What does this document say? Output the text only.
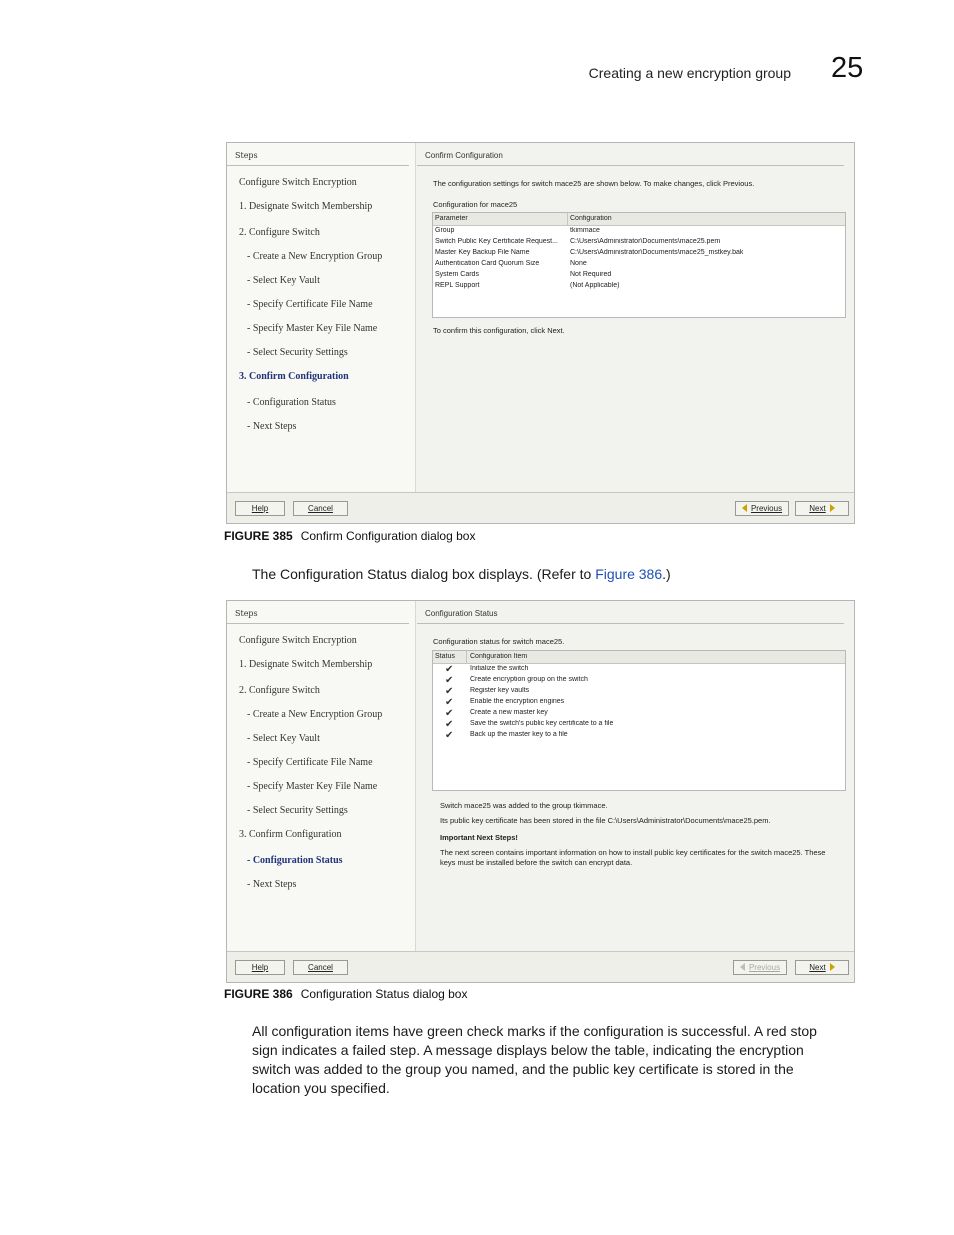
Creating a new encryption group 25
Steps
Configure Switch Encryption
1. Designate Switch Membership
2. Configure Switch
- Create a New Encryption Group
- Select Key Vault
- Specify Certificate File Name
- Specify Master Key File Name
- Select Security Settings
3. Confirm Configuration
- Configuration Status
- Next Steps
Confirm Configuration
The configuration settings for switch mace25 are shown below. To make changes, click Previous.
Configuration for mace25
Parameter	Configuration
Group	tkimmace
Switch Public Key Certificate Request...	C:\Users\Administrator\Documents\mace25.pem
Master Key Backup File Name	C:\Users\Administrator\Documents\mace25_mstkey.bak
Authentication Card Quorum Size	None
System Cards	Not Required
REPL Support	(Not Applicable)
To confirm this configuration, click Next.
Help	Cancel	Previous	Next
FIGURE 385 Confirm Configuration dialog box
The Configuration Status dialog box displays. (Refer to Figure 386.)
Steps
Configure Switch Encryption
1. Designate Switch Membership
2. Configure Switch
- Create a New Encryption Group
- Select Key Vault
- Specify Certificate File Name
- Specify Master Key File Name
- Select Security Settings
3. Confirm Configuration
- Configuration Status
- Next Steps
Configuration Status
Configuration status for switch mace25.
Status Configuration Item
✔ Initialize the switch
✔ Create encryption group on the switch
✔ Register key vaults
✔ Enable the encryption engines
✔ Create a new master key
✔ Save the switch's public key certificate to a file
✔ Back up the master key to a file
Switch mace25 was added to the group tkimmace.
Its public key certificate has been stored in the file C:\Users\Administrator\Documents\mace25.pem.
Important Next Steps!
The next screen contains important information on how to install public key certificates for the switch mace25. These
keys must be installed before the switch can encrypt data.
Help	Cancel	Previous	Next
FIGURE 386 Configuration Status dialog box
All configuration items have green check marks if the configuration is successful. A red stop
sign indicates a failed step. A message displays below the table, indicating the encryption
switch was added to the group you named, and the public key certificate is stored in the
location you specified.
